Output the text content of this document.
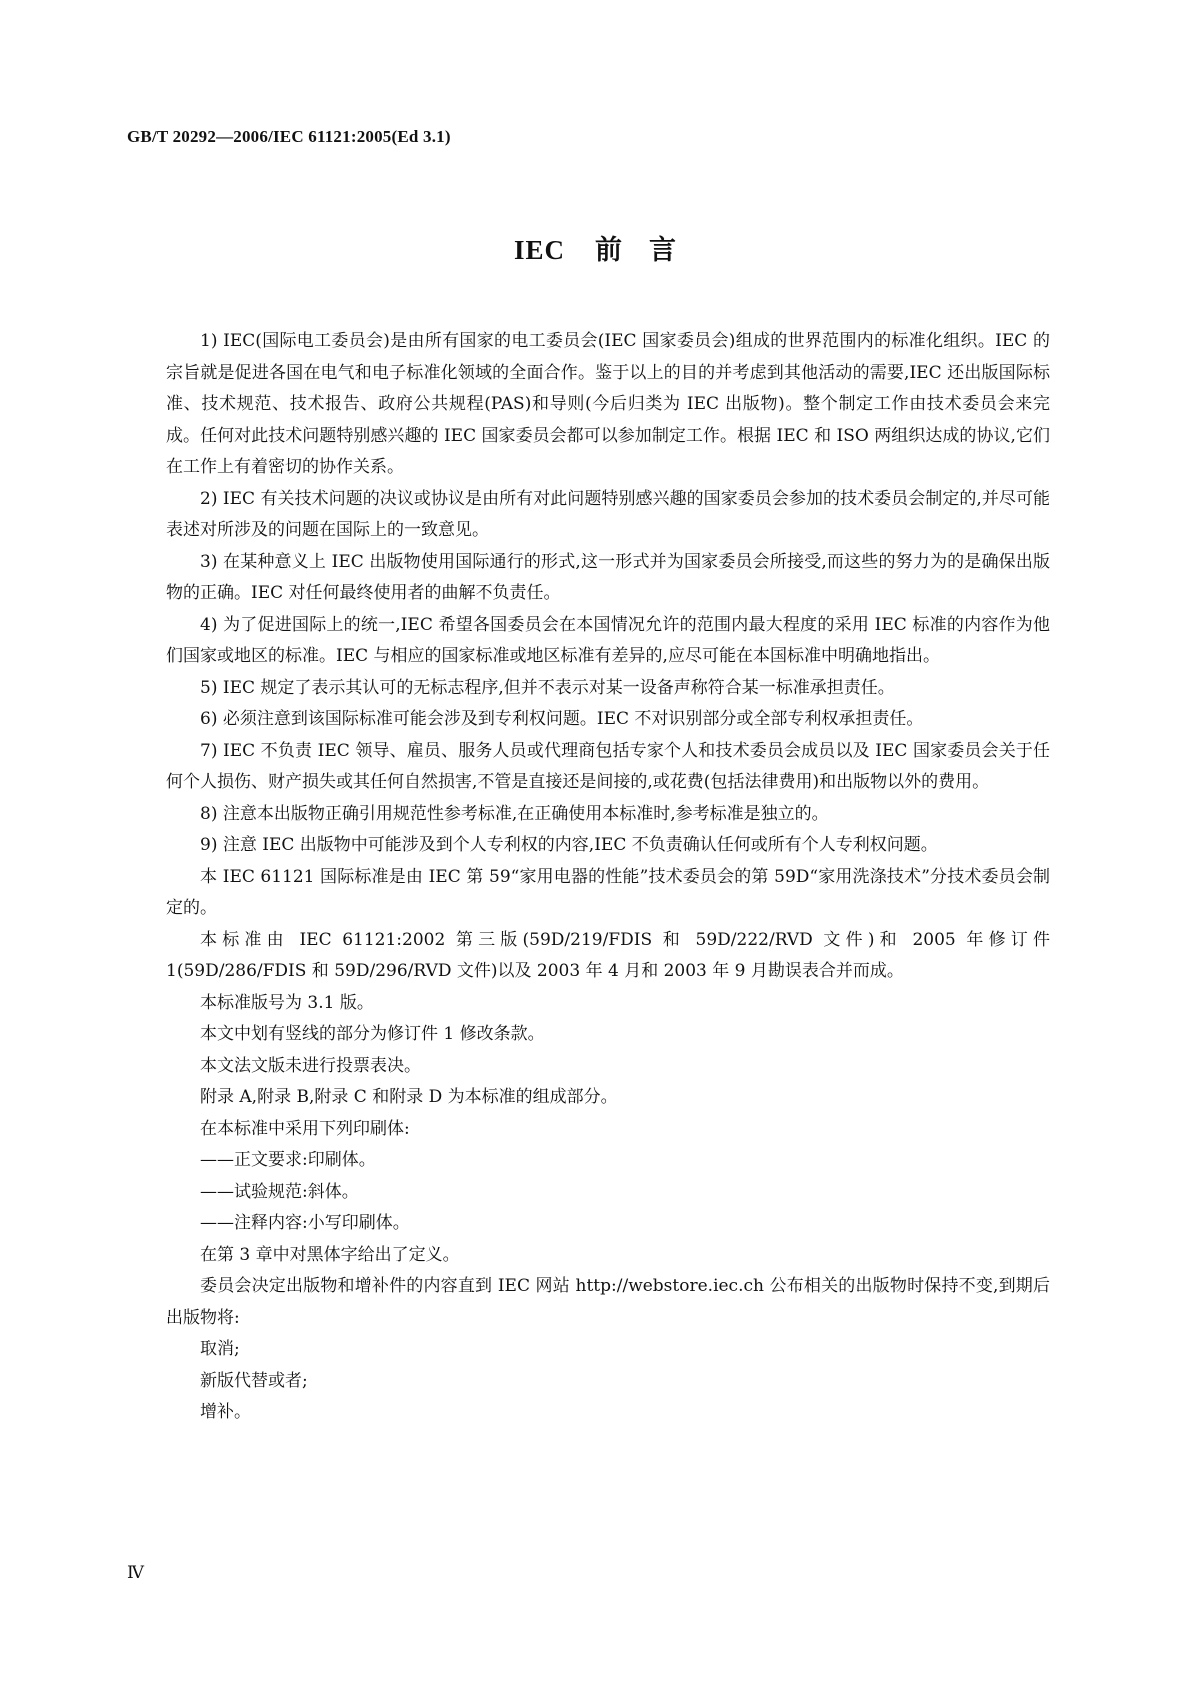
GB/T 20292—2006/IEC 61121:2005(Ed 3.1)
IEC 前 言

1) IEC(国际电工委员会)是由所有国家的电工委员会(IEC 国家委员会)组成的世界范围内的标准化组织。IEC 的宗旨就是促进各国在电气和电子标准化领域的全面合作。鉴于以上的目的并考虑到其他活动的需要,IEC 还出版国际标准、技术规范、技术报告、政府公共规程(PAS)和导则(今后归类为 IEC 出版物)。整个制定工作由技术委员会来完成。任何对此技术问题特别感兴趣的 IEC 国家委员会都可以参加制定工作。根据 IEC 和 ISO 两组织达成的协议,它们在工作上有着密切的协作关系。

2) IEC 有关技术问题的决议或协议是由所有对此问题特别感兴趣的国家委员会参加的技术委员会制定的,并尽可能表述对所涉及的问题在国际上的一致意见。

3) 在某种意义上 IEC 出版物使用国际通行的形式,这一形式并为国家委员会所接受,而这些的努力为的是确保出版物的正确。IEC 对任何最终使用者的曲解不负责任。

4) 为了促进国际上的统一,IEC 希望各国委员会在本国情况允许的范围内最大程度的采用 IEC 标准的内容作为他们国家或地区的标准。IEC 与相应的国家标准或地区标准有差异的,应尽可能在本国标准中明确地指出。

5) IEC 规定了表示其认可的无标志程序,但并不表示对某一设备声称符合某一标准承担责任。

6) 必须注意到该国际标准可能会涉及到专利权问题。IEC 不对识别部分或全部专利权承担责任。

7) IEC 不负责 IEC 领导、雇员、服务人员或代理商包括专家个人和技术委员会成员以及 IEC 国家委员会关于任何个人损伤、财产损失或其任何自然损害,不管是直接还是间接的,或花费(包括法律费用)和出版物以外的费用。

8) 注意本出版物正确引用规范性参考标准,在正确使用本标准时,参考标准是独立的。

9) 注意 IEC 出版物中可能涉及到个人专利权的内容,IEC 不负责确认任何或所有个人专利权问题。

本 IEC 61121 国际标准是由 IEC 第 59“家用电器的性能”技术委员会的第 59D“家用洗涤技术”分技术委员会制定的。

本标准由 IEC 61121:2002 第三版(59D/219/FDIS 和 59D/222/RVD 文件)和 2005 年修订件 1(59D/286/FDIS 和 59D/296/RVD 文件)以及 2003 年 4 月和 2003 年 9 月勘误表合并而成。

本标准版号为 3.1 版。

本文中划有竖线的部分为修订件 1 修改条款。

本文法文版未进行投票表决。

附录 A,附录 B,附录 C 和附录 D 为本标准的组成部分。

在本标准中采用下列印刷体:

——正文要求:印刷体。

——试验规范:斜体。

——注释内容:小写印刷体。

在第 3 章中对黑体字给出了定义。

委员会决定出版物和增补件的内容直到 IEC 网站 http://webstore.iec.ch 公布相关的出版物时保持不变,到期后出版物将:

取消;

新版代替或者;

增补。

Ⅳ
